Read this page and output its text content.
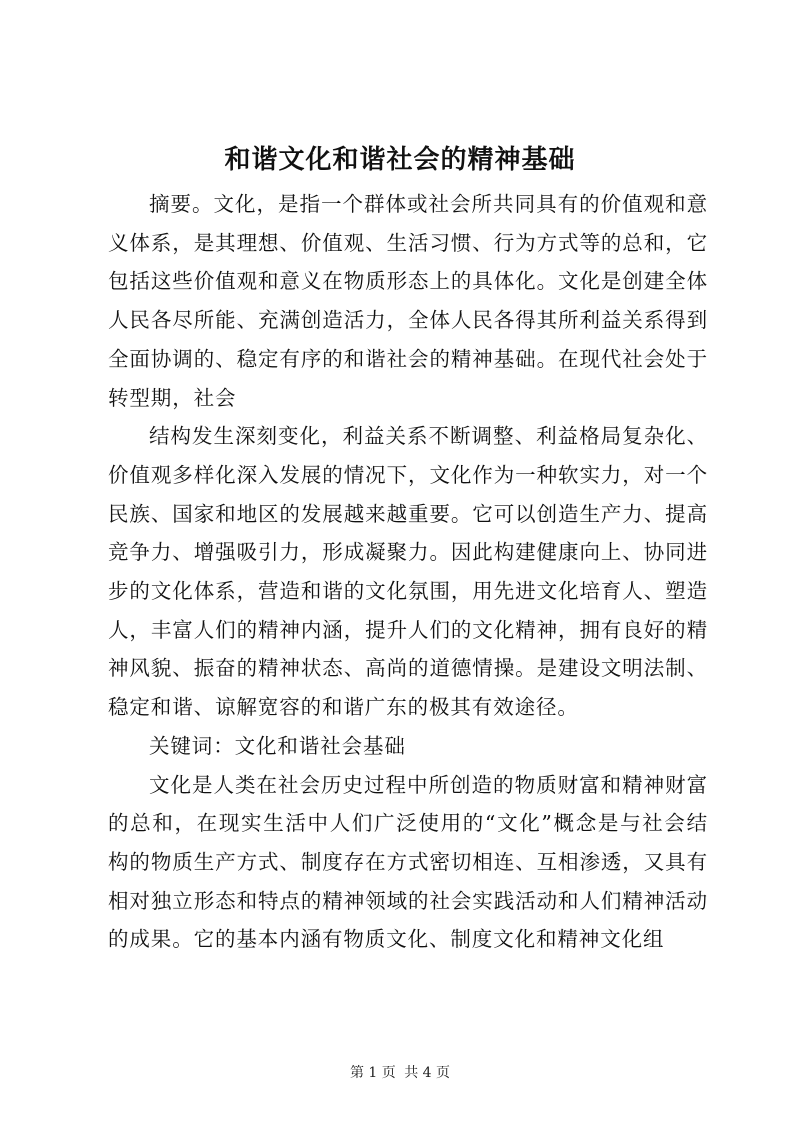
和谐文化和谐社会的精神基础

摘要。文化，是指一个群体或社会所共同具有的价值观和意义体系，是其理想、价值观、生活习惯、行为方式等的总和，它包括这些价值观和意义在物质形态上的具体化。文化是创建全体人民各尽所能、充满创造活力，全体人民各得其所利益关系得到全面协调的、稳定有序的和谐社会的精神基础。在现代社会处于转型期，社会

结构发生深刻变化，利益关系不断调整、利益格局复杂化、价值观多样化深入发展的情况下，文化作为一种软实力，对一个民族、国家和地区的发展越来越重要。它可以创造生产力、提高竞争力、增强吸引力，形成凝聚力。因此构建健康向上、协同进步的文化体系，营造和谐的文化氛围，用先进文化培育人、塑造人，丰富人们的精神内涵，提升人们的文化精神，拥有良好的精神风貌、振奋的精神状态、高尚的道德情操。是建设文明法制、稳定和谐、谅解宽容的和谐广东的极其有效途径。

关键词：文化和谐社会基础

文化是人类在社会历史过程中所创造的物质财富和精神财富的总和，在现实生活中人们广泛使用的“文化”概念是与社会结构的物质生产方式、制度存在方式密切相连、互相渗透，又具有相对独立形态和特点的精神领域的社会实践活动和人们精神活动的成果。它的基本内涵有物质文化、制度文化和精神文化组

第 1 页 共 4 页
